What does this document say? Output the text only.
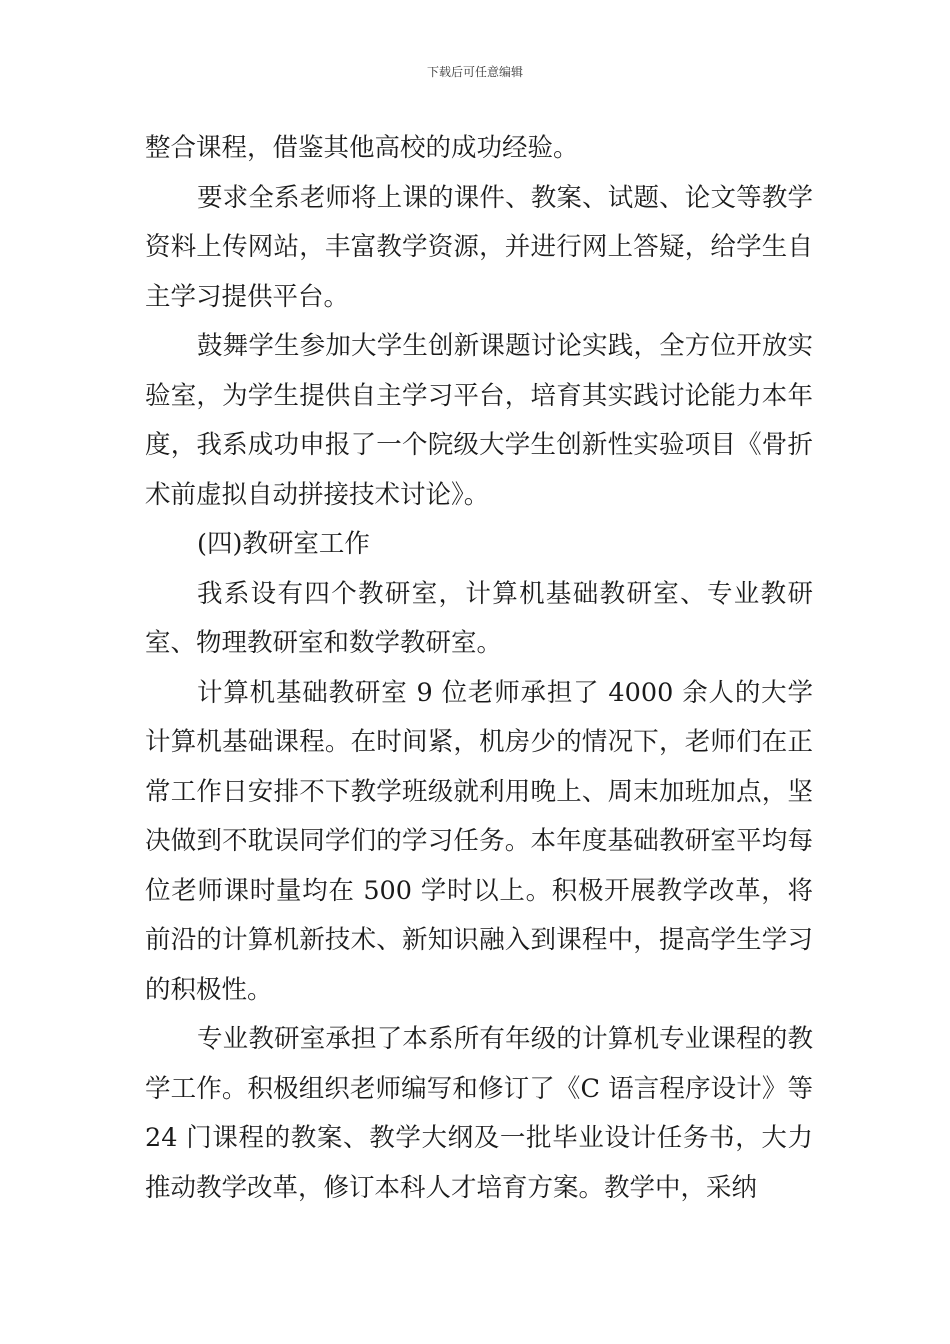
下载后可任意编辑

整合课程，借鉴其他高校的成功经验。

要求全系老师将上课的课件、教案、试题、论文等教学资料上传网站，丰富教学资源，并进行网上答疑，给学生自主学习提供平台。

鼓舞学生参加大学生创新课题讨论实践，全方位开放实验室，为学生提供自主学习平台，培育其实践讨论能力本年度，我系成功申报了一个院级大学生创新性实验项目《骨折术前虚拟自动拼接技术讨论》。

(四)教研室工作

我系设有四个教研室，计算机基础教研室、专业教研室、物理教研室和数学教研室。

计算机基础教研室 9 位老师承担了 4000 余人的大学计算机基础课程。在时间紧，机房少的情况下，老师们在正常工作日安排不下教学班级就利用晚上、周末加班加点，坚决做到不耽误同学们的学习任务。本年度基础教研室平均每位老师课时量均在 500 学时以上。积极开展教学改革，将前沿的计算机新技术、新知识融入到课程中，提高学生学习的积极性。

专业教研室承担了本系所有年级的计算机专业课程的教学工作。积极组织老师编写和修订了《C 语言程序设计》等 24 门课程的教案、教学大纲及一批毕业设计任务书，大力推动教学改革，修订本科人才培育方案。教学中，采纳
